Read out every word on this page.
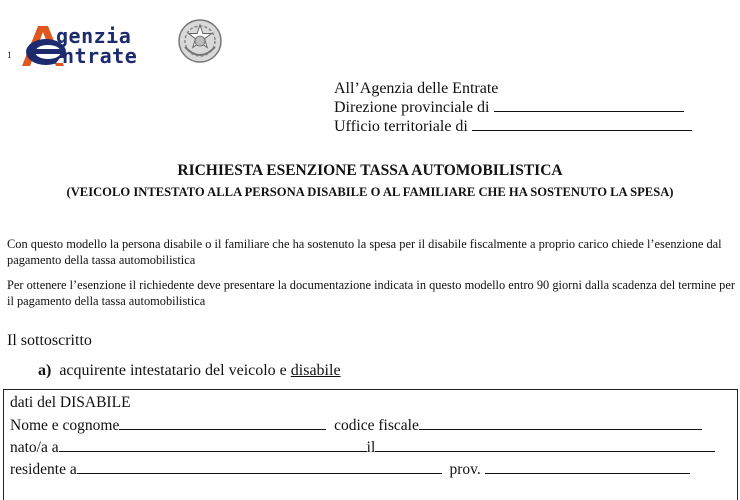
1
genzia
ntrate
All’Agenzia delle Entrate
Direzione provinciale di
Ufficio territoriale di
RICHIESTA ESENZIONE TASSA AUTOMOBILISTICA
(VEICOLO INTESTATO ALLA PERSONA DISABILE O AL FAMILIARE CHE HA SOSTENUTO LA SPESA)
Con questo modello la persona disabile o il familiare che ha sostenuto la spesa per il disabile fiscalmente a proprio carico chiede l’esenzione dal pagamento della tassa automobilistica
Per ottenere l’esenzione il richiedente deve presentare la documentazione indicata in questo modello entro 90 giorni dalla scadenza del termine per il pagamento della tassa automobilistica
Il sottoscritto
a) acquirente intestatario del veicolo e disabile
dati del DISABILE
Nome e cognome	codice fiscale
nato/a a	il
residente a	prov.
